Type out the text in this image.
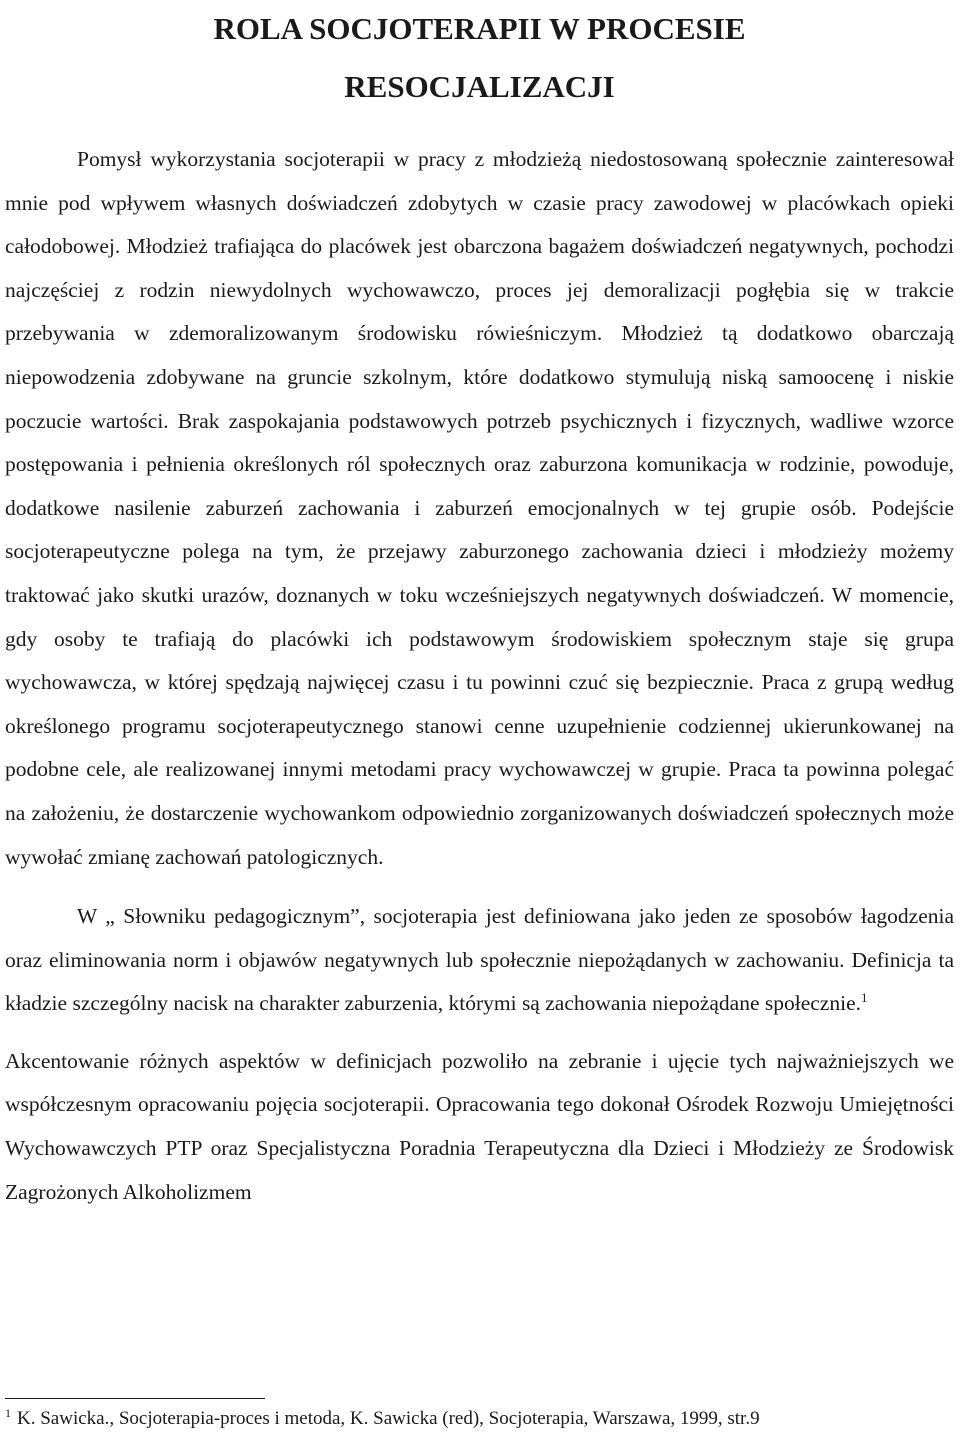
ROLA SOCJOTERAPII W PROCESIE
RESOCJALIZACJI

Pomysł wykorzystania socjoterapii w pracy z młodzieżą niedostosowaną społecznie zainteresował mnie pod wpływem własnych doświadczeń zdobytych w czasie pracy zawodowej w placówkach opieki całodobowej. Młodzież trafiająca do placówek jest obarczona bagażem doświadczeń negatywnych, pochodzi najczęściej z rodzin niewydolnych wychowawczo, proces jej demoralizacji pogłębia się w trakcie przebywania w zdemoralizowanym środowisku rówieśniczym. Młodzież tą dodatkowo obarczają niepowodzenia zdobywane na gruncie szkolnym, które dodatkowo stymulują niską samoocenę i niskie poczucie wartości. Brak zaspokajania podstawowych potrzeb psychicznych i fizycznych, wadliwe wzorce postępowania i pełnienia określonych ról społecznych oraz zaburzona komunikacja w rodzinie, powoduje, dodatkowe nasilenie zaburzeń zachowania i zaburzeń emocjonalnych w tej grupie osób. Podejście socjoterapeutyczne polega na tym, że przejawy zaburzonego zachowania dzieci i młodzieży możemy traktować jako skutki urazów, doznanych w toku wcześniejszych negatywnych doświadczeń. W momencie, gdy osoby te trafiają do placówki ich podstawowym środowiskiem społecznym staje się grupa wychowawcza, w której spędzają najwięcej czasu i tu powinni czuć się bezpiecznie. Praca z grupą według określonego programu socjoterapeutycznego stanowi cenne uzupełnienie codziennej ukierunkowanej na podobne cele, ale realizowanej innymi metodami pracy wychowawczej w grupie. Praca ta powinna polegać na założeniu, że dostarczenie wychowankom odpowiednio zorganizowanych doświadczeń społecznych może wywołać zmianę zachowań patologicznych.

W „ Słowniku pedagogicznym”, socjoterapia jest definiowana jako jeden ze sposobów łagodzenia oraz eliminowania norm i objawów negatywnych lub społecznie niepożądanych w zachowaniu. Definicja ta kładzie szczególny nacisk na charakter zaburzenia, którymi są zachowania niepożądane społecznie.$^1$

Akcentowanie różnych aspektów w definicjach pozwoliło na zebranie i ujęcie tych najważniejszych we współczesnym opracowaniu pojęcia socjoterapii. Opracowania tego dokonał Ośrodek Rozwoju Umiejętności Wychowawczych PTP oraz Specjalistyczna Poradnia Terapeutyczna dla Dzieci i Młodzieży ze Środowisk Zagrożonych Alkoholizmem

$^1$ K. Sawicka., Socjoterapia-proces i metoda, K. Sawicka (red), Socjoterapia, Warszawa, 1999, str.9
